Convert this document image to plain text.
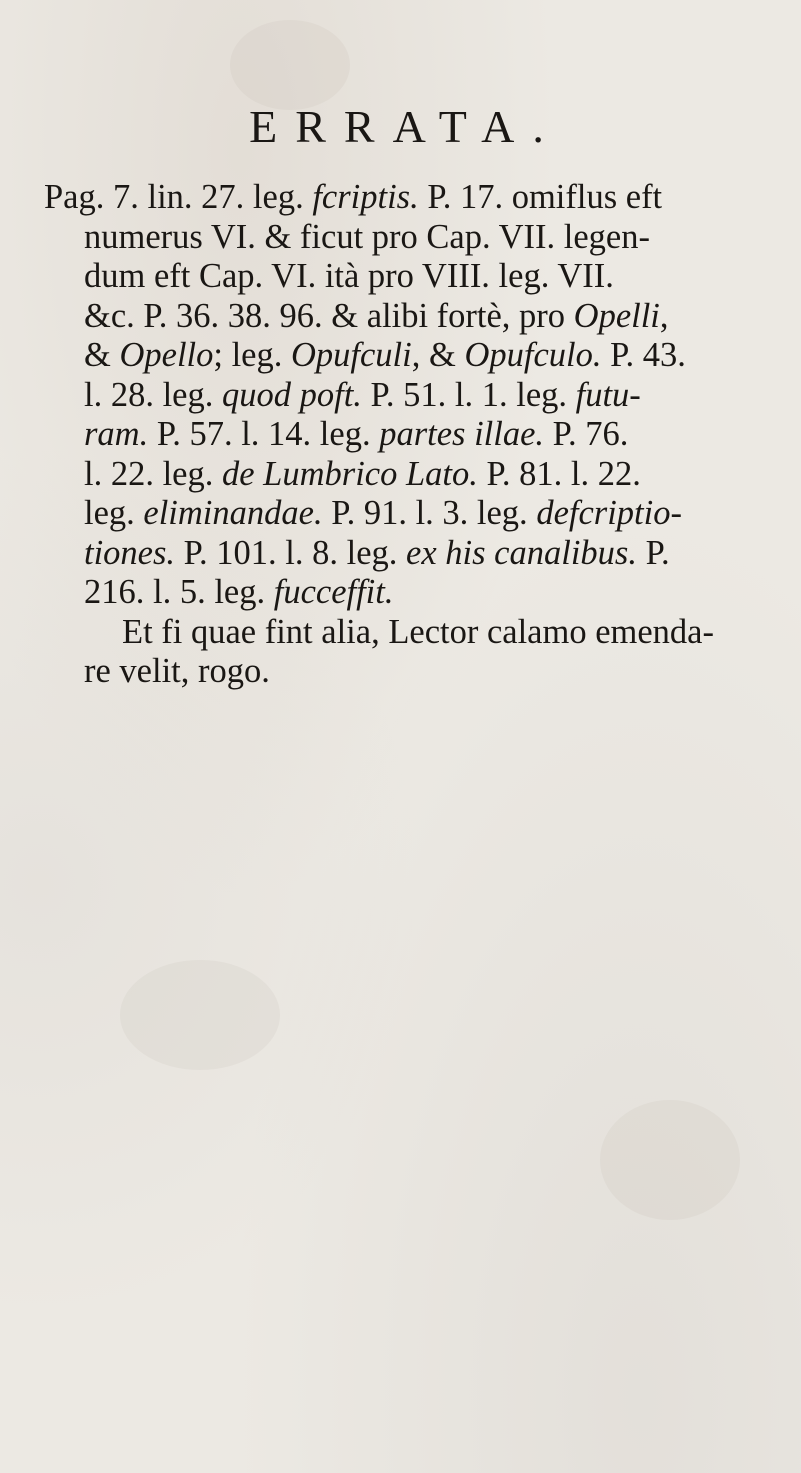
ERRATA.
Pag. 7. lin. 27. leg. fcriptis. P. 17. omiflus eft
numerus VI. & ficut pro Cap. VII. legen-
dum eft Cap. VI. ità pro VIII. leg. VII.
&c. P. 36. 38. 96. & alibi fortè, pro Opelli,
& Opello; leg. Opufculi, & Opufculo. P. 43.
l. 28. leg. quod poft. P. 51. l. 1. leg. futu-
ram. P. 57. l. 14. leg. partes illae. P. 76.
l. 22. leg. de Lumbrico Lato. P. 81. l. 22.
leg. eliminandae. P. 91. l. 3. leg. defcriptio-
tiones. P. 101. l. 8. leg. ex his canalibus. P.
216. l. 5. leg. fucceffit.
Et fi quae fint alia, Lector calamo emenda-
re velit, rogo.
